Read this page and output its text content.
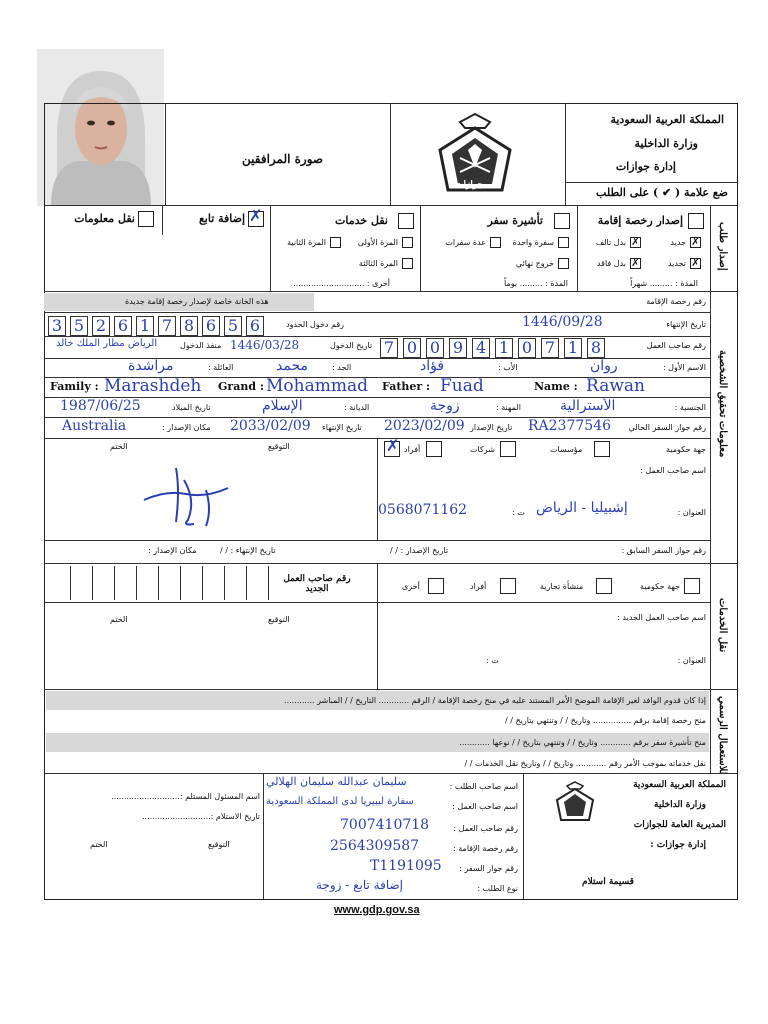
صورة المرافقين
جوازات
المملكة العربية السعودية
وزارة الداخلية
إدارة جوازات
ضع علامة ( ✔ ) على الطلب
إصدار طلب
إصدار رخصة إقامة
✗
جديد
✗
تجديد
✗
بدل تالف
✗
بدل فاقد
المدة : ......... شهراً
تأشيرة سفر
سفرة واحدة
خروج نهائي
عدة سفرات
المدة : ......... يوماً
نقل خدمات
المرة الأولى
المرة الثالثة
المرة الثانية
أخرى : ............................
✗
إضافة تابع
نقل معلومات
معلومات تحقيق الشخصية
رقم رخصة الإقامة
هذه الخانة خاصة لإصدار رخصة إقامة جديدة
تاريخ الإنتهاء
1446/09/28
رقم دخول الحدود
3 5 2 6 1 7 8 6 5 6
رقم صاحب العمل
7 0 0 9 4 1 0 7 1 8
تاريخ الدخول
1446/03/28
منفذ الدخول
الرياض مطار الملك خالد
الاسم الأول :
روان
الأب :
فؤاد
الجد :
محمد
العائلة :
مراشدة
Name : Rawan
Father : Fuad
Grand : Mohammad
Family : Marashdeh
الجنسية :
الأسترالية
المهنة :
زوجة
الديانة :
الإسلام
تاريخ الميلاد
1987/06/25
رقم جواز السفر الحالي
RA2377546
تاريخ الإصدار
2023/02/09
تاريخ الإنتهاء
2033/02/09
مكان الإصدار :
Australia
جهة حكومية
مؤسسات
شركات
✗ أفراد
اسم صاحب العمل :
العنوان :
إشبيليا - الرياض
ت :
0568071162
التوقيع
الختم
رقم جواز السفر السابق :
تاريخ الإصدار : / /
تاريخ الإنتهاء : / /
مكان الإصدار :
نقل الخدمات
جهة حكومية
منشأة تجارية
أفراد
أخرى
رقم صاحب العمل الجديد
اسم صاحب العمل الجديد :
العنوان :
ت :
التوقيع
الختم
للاستعمال الرسمي
إذا كان قدوم الوافد لغير الإقامة الموضح الأمر المستند عليه في منح رخصة الإقامة / الرقم ............ التاريخ / / المباشر ............
منح رخصة إقامة برقم ............... وتاريخ / / وتنتهي بتاريخ / /
منح تأشيرة سفر برقم ............ وتاريخ / / وتنتهي بتاريخ / / نوعها ............
نقل خدماته بموجب الأمر رقم ............ وتاريخ / / وتاريخ نقل الخدمات / /
المملكة العربية السعودية
وزارة الداخلية
المديرية العامة للجوازات
إدارة جوازات :
قسيمة استلام
اسم صاحب الطلب :
سليمان عبدالله سليمان الهلالي
اسم صاحب العمل :
سفارة ليبيريا لدى المملكة السعودية
رقم صاحب العمل :
7007410718
رقم رخصة الإقامة :
2564309587
رقم جواز السفر :
T1191095
نوع الطلب :
إضافة تابع - زوجة
اسم المسئول المستلم :...........................
تاريخ الاستلام :...........................
التوقيع
الختم
www.gdp.gov.sa
